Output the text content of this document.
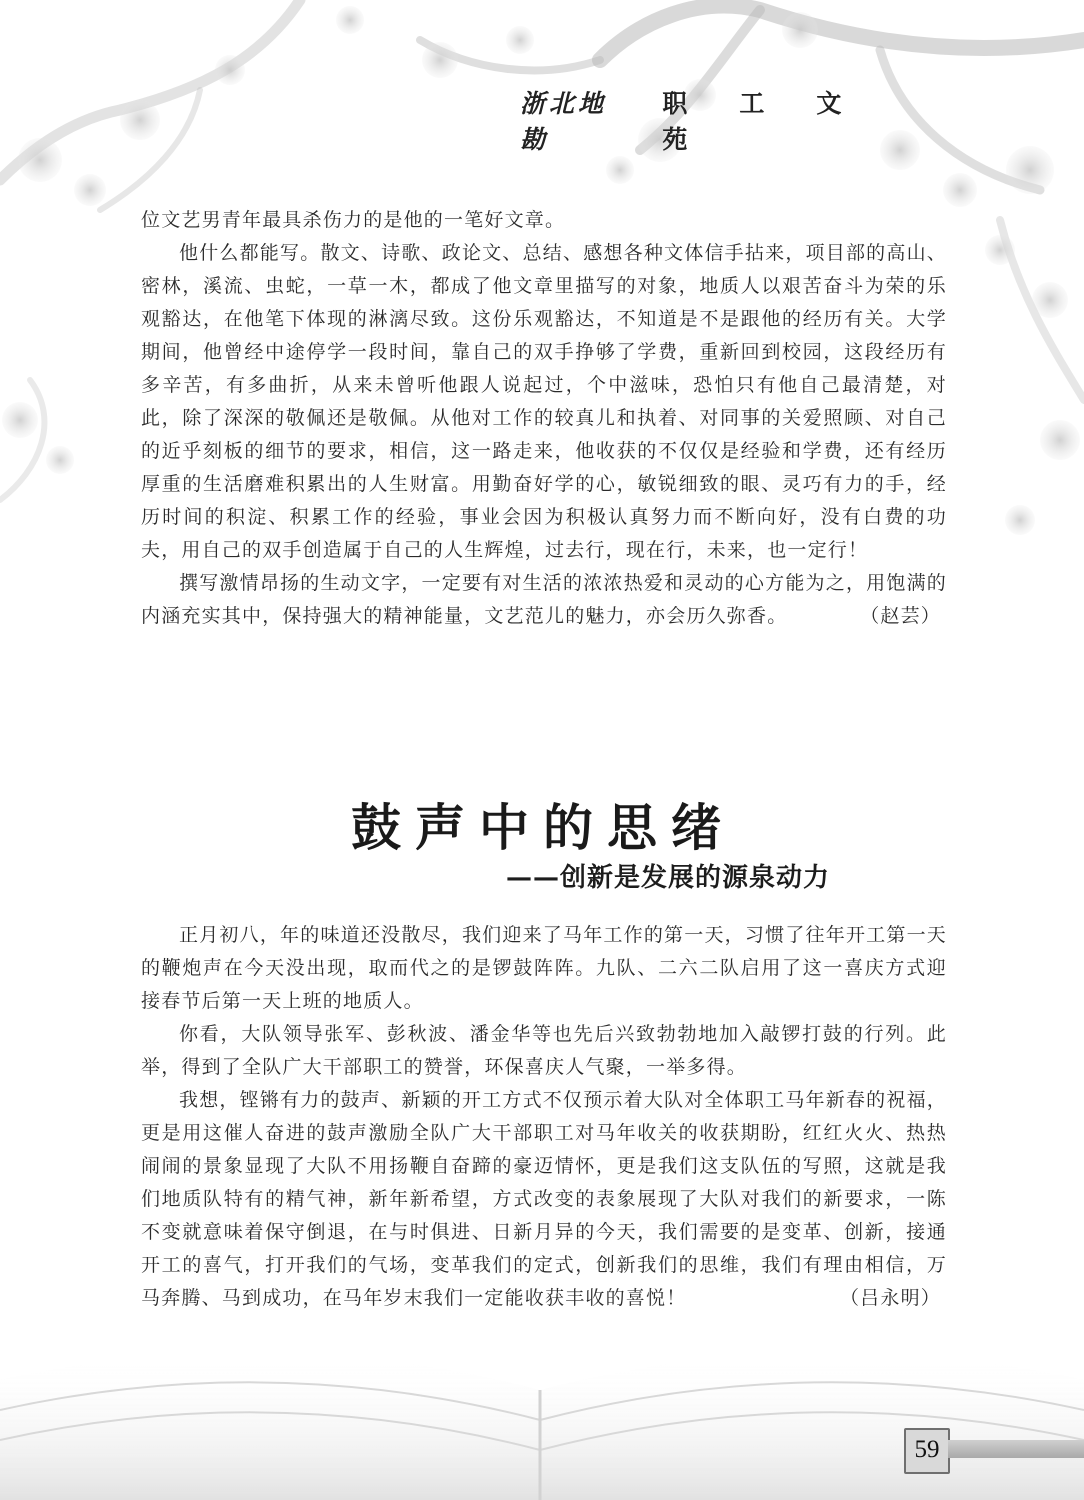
浙北地勘
职工文苑

位文艺男青年最具杀伤力的是他的一笔好文章。

他什么都能写。散文、诗歌、政论文、总结、感想各种文体信手拈来，项目部的高山、密林，溪流、虫蛇，一草一木，都成了他文章里描写的对象，地质人以艰苦奋斗为荣的乐观豁达，在他笔下体现的淋漓尽致。这份乐观豁达，不知道是不是跟他的经历有关。大学期间，他曾经中途停学一段时间，靠自己的双手挣够了学费，重新回到校园，这段经历有多辛苦，有多曲折，从来未曾听他跟人说起过，个中滋味，恐怕只有他自己最清楚，对此，除了深深的敬佩还是敬佩。从他对工作的较真儿和执着、对同事的关爱照顾、对自己的近乎刻板的细节的要求，相信，这一路走来，他收获的不仅仅是经验和学费，还有经历厚重的生活磨难积累出的人生财富。用勤奋好学的心，敏锐细致的眼、灵巧有力的手，经历时间的积淀、积累工作的经验，事业会因为积极认真努力而不断向好，没有白费的功夫，用自己的双手创造属于自己的人生辉煌，过去行，现在行，未来，也一定行！

撰写激情昂扬的生动文字，一定要有对生活的浓浓热爱和灵动的心方能为之，用饱满的内涵充实其中，保持强大的精神能量，文艺范儿的魅力，亦会历久弥香。	（赵芸）

鼓声中的思绪
——创新是发展的源泉动力

正月初八，年的味道还没散尽，我们迎来了马年工作的第一天，习惯了往年开工第一天的鞭炮声在今天没出现，取而代之的是锣鼓阵阵。九队、二六二队启用了这一喜庆方式迎接春节后第一天上班的地质人。

你看，大队领导张军、彭秋波、潘金华等也先后兴致勃勃地加入敲锣打鼓的行列。此举，得到了全队广大干部职工的赞誉，环保喜庆人气聚，一举多得。

我想，铿锵有力的鼓声、新颖的开工方式不仅预示着大队对全体职工马年新春的祝福，更是用这催人奋进的鼓声激励全队广大干部职工对马年收关的收获期盼，红红火火、热热闹闹的景象显现了大队不用扬鞭自奋蹄的豪迈情怀，更是我们这支队伍的写照，这就是我们地质队特有的精气神，新年新希望，方式改变的表象展现了大队对我们的新要求，一陈不变就意味着保守倒退，在与时俱进、日新月异的今天，我们需要的是变革、创新，接通开工的喜气，打开我们的气场，变革我们的定式，创新我们的思维，我们有理由相信，万马奔腾、马到成功，在马年岁末我们一定能收获丰收的喜悦！	（吕永明）

59
